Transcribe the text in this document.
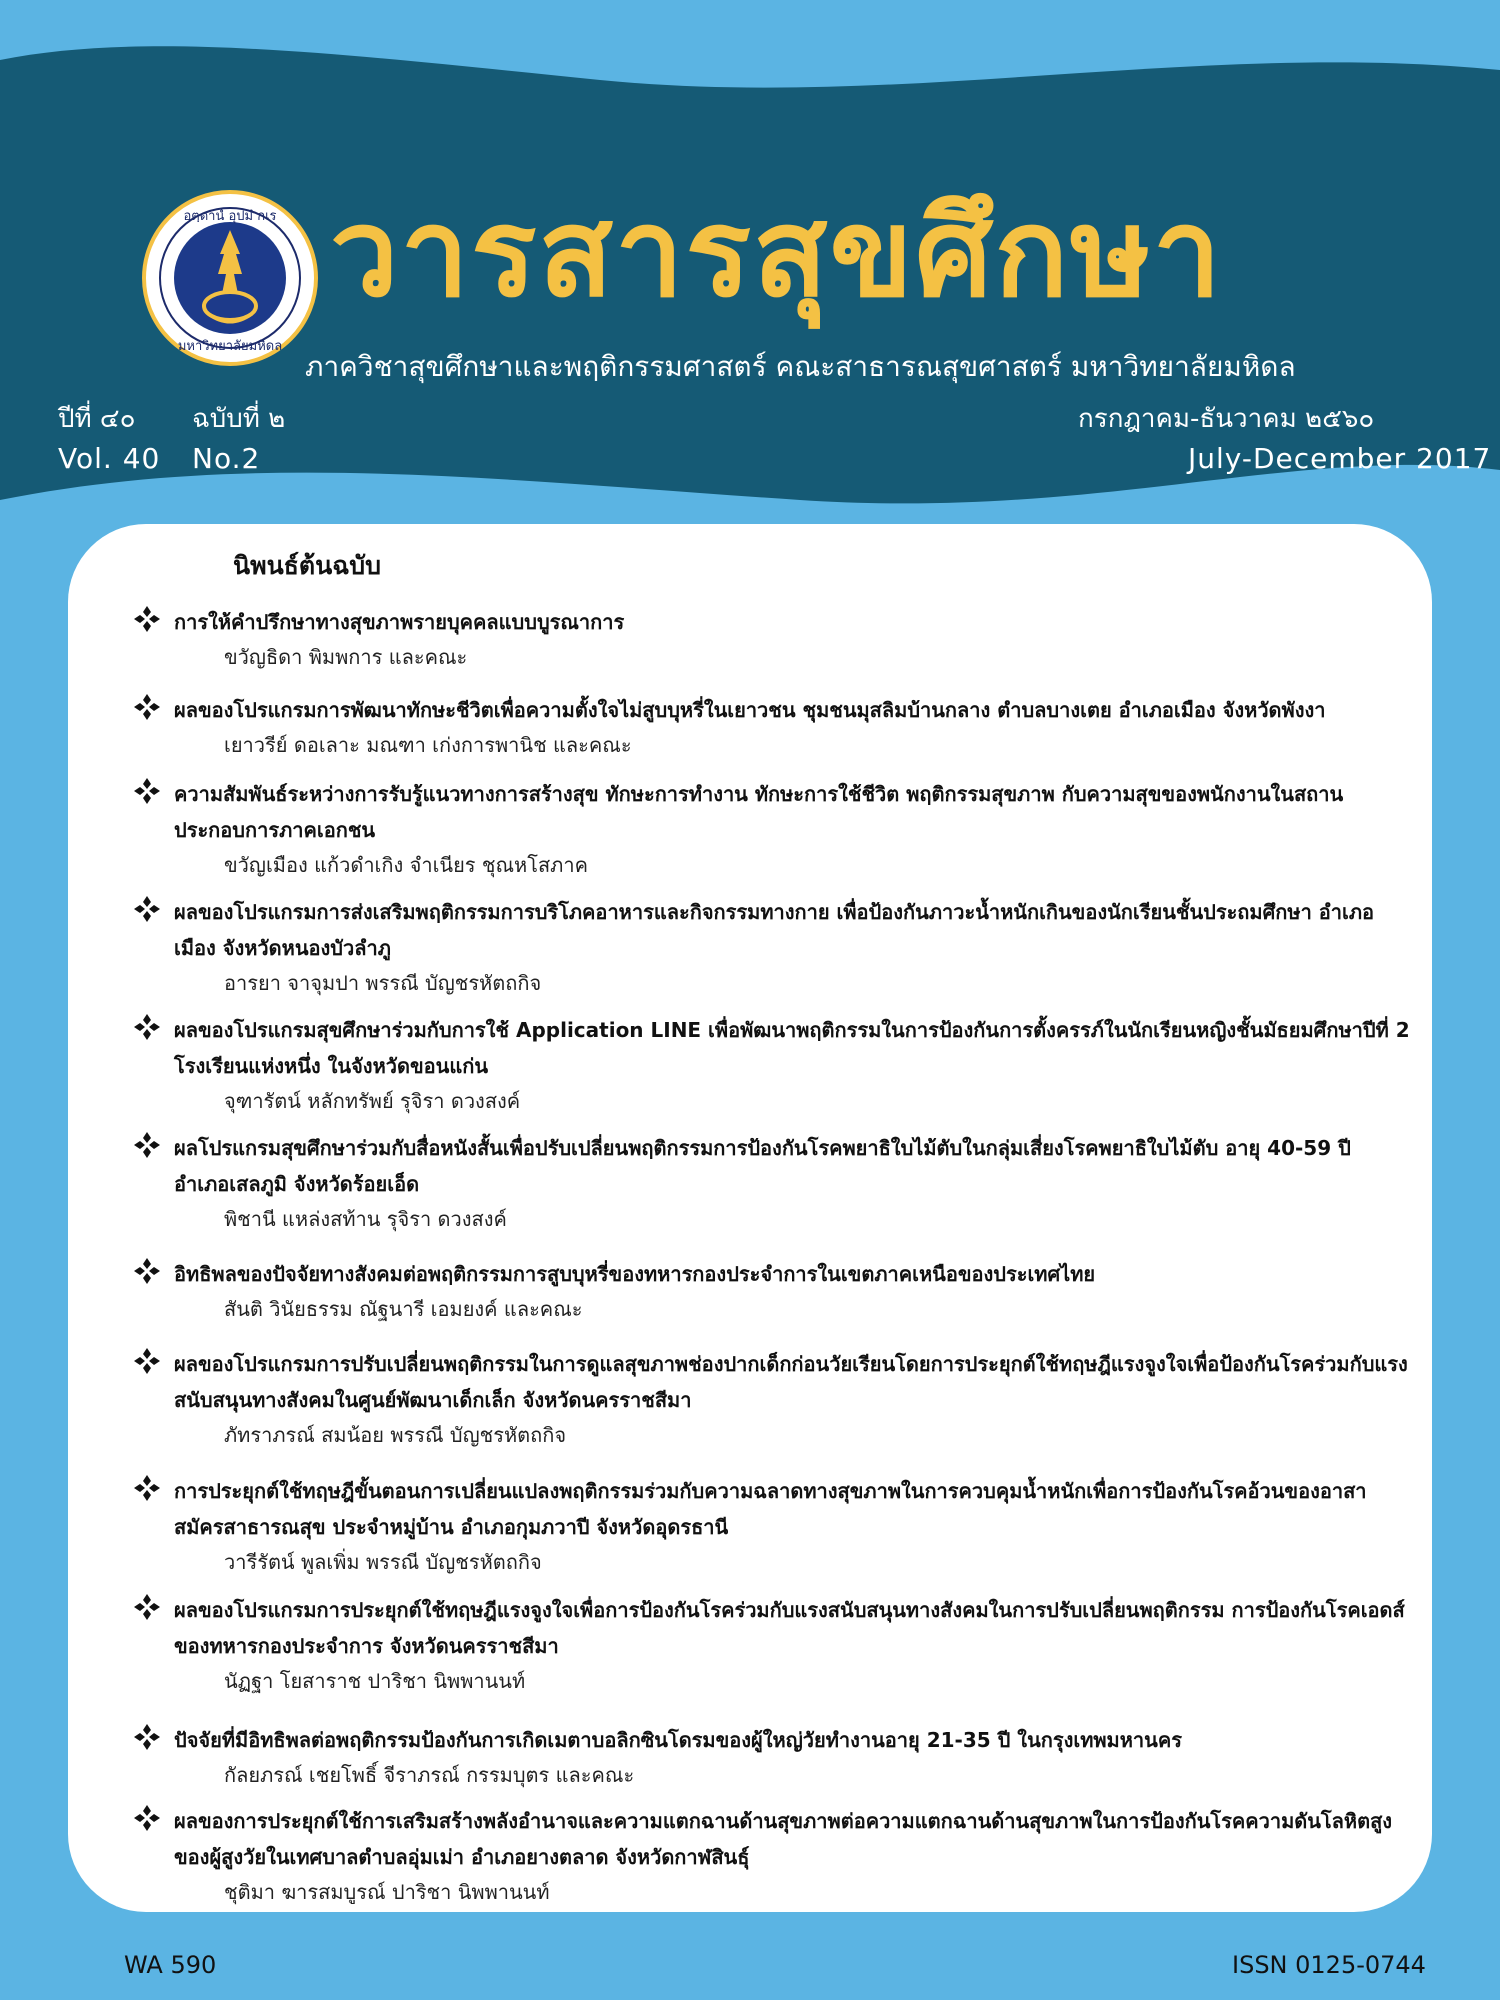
อตฺตานํ อุปมํ กเร
มหาวิทยาลัยมหิดล
วารสารสุขศึกษา
ภาควิชาสุขศึกษาและพฤติกรรมศาสตร์ คณะสาธารณสุขศาสตร์ มหาวิทยาลัยมหิดล
ปีที่ ๔๐ ฉบับที่ ๒	กรกฎาคม-ธันวาคม ๒๕๖๐
Vol. 40 No.2	July-December 2017
นิพนธ์ต้นฉบับ
การให้คำปรึกษาทางสุขภาพรายบุคคลแบบบูรณาการ
ขวัญธิดา พิมพการ และคณะ
ผลของโปรแกรมการพัฒนาทักษะชีวิตเพื่อความตั้งใจไม่สูบบุหรี่ในเยาวชน ชุมชนมุสลิมบ้านกลาง ตำบลบางเตย อำเภอเมือง จังหวัดพังงา
เยาวรีย์ ดอเลาะ มณฑา เก่งการพานิช และคณะ
ความสัมพันธ์ระหว่างการรับรู้แนวทางการสร้างสุข ทักษะการทำงาน ทักษะการใช้ชีวิต พฤติกรรมสุขภาพ กับความสุขของพนักงานในสถานประกอบการภาคเอกชน
ขวัญเมือง แก้วดำเกิง จำเนียร ชุณหโสภาค
ผลของโปรแกรมการส่งเสริมพฤติกรรมการบริโภคอาหารและกิจกรรมทางกาย เพื่อป้องกันภาวะน้ำหนักเกินของนักเรียนชั้นประถมศึกษา อำเภอเมือง จังหวัดหนองบัวลำภู
อารยา จาจุมปา พรรณี บัญชรหัตถกิจ
ผลของโปรแกรมสุขศึกษาร่วมกับการใช้ Application LINE เพื่อพัฒนาพฤติกรรมในการป้องกันการตั้งครรภ์ในนักเรียนหญิงชั้นมัธยมศึกษาปีที่ 2 โรงเรียนแห่งหนึ่ง ในจังหวัดขอนแก่น
จุฑารัตน์ หลักทรัพย์ รุจิรา ดวงสงค์
ผลโปรแกรมสุขศึกษาร่วมกับสื่อหนังสั้นเพื่อปรับเปลี่ยนพฤติกรรมการป้องกันโรคพยาธิใบไม้ตับในกลุ่มเสี่ยงโรคพยาธิใบไม้ตับ อายุ 40-59 ปี อำเภอเสลภูมิ จังหวัดร้อยเอ็ด
พิชานี แหล่งสท้าน รุจิรา ดวงสงค์
อิทธิพลของปัจจัยทางสังคมต่อพฤติกรรมการสูบบุหรี่ของทหารกองประจำการในเขตภาคเหนือของประเทศไทย
สันติ วินัยธรรม ณัฐนารี เอมยงค์ และคณะ
ผลของโปรแกรมการปรับเปลี่ยนพฤติกรรมในการดูแลสุขภาพช่องปากเด็กก่อนวัยเรียนโดยการประยุกต์ใช้ทฤษฎีแรงจูงใจเพื่อป้องกันโรคร่วมกับแรงสนับสนุนทางสังคมในศูนย์พัฒนาเด็กเล็ก จังหวัดนครราชสีมา
ภัทราภรณ์ สมน้อย พรรณี บัญชรหัตถกิจ
การประยุกต์ใช้ทฤษฎีขั้นตอนการเปลี่ยนแปลงพฤติกรรมร่วมกับความฉลาดทางสุขภาพในการควบคุมน้ำหนักเพื่อการป้องกันโรคอ้วนของอาสาสมัครสาธารณสุข ประจำหมู่บ้าน อำเภอกุมภวาปี จังหวัดอุดรธานี
วารีรัตน์ พูลเพิ่ม พรรณี บัญชรหัตถกิจ
ผลของโปรแกรมการประยุกต์ใช้ทฤษฎีแรงจูงใจเพื่อการป้องกันโรคร่วมกับแรงสนับสนุนทางสังคมในการปรับเปลี่ยนพฤติกรรม การป้องกันโรคเอดส์ของทหารกองประจำการ จังหวัดนครราชสีมา
นัฏฐา โยสาราช ปาริชา นิพพานนท์
ปัจจัยที่มีอิทธิพลต่อพฤติกรรมป้องกันการเกิดเมตาบอลิกซินโดรมของผู้ใหญ่วัยทำงานอายุ 21-35 ปี ในกรุงเทพมหานคร
กัลยภรณ์ เชยโพธิ์ จีราภรณ์ กรรมบุตร และคณะ
ผลของการประยุกต์ใช้การเสริมสร้างพลังอำนาจและความแตกฉานด้านสุขภาพต่อความแตกฉานด้านสุขภาพในการป้องกันโรคความดันโลหิตสูงของผู้สูงวัยในเทศบาลตำบลอุ่มเม่า อำเภอยางตลาด จังหวัดกาฬสินธุ์
ชุติมา ฆารสมบูรณ์ ปาริชา นิพพานนท์
WA 590	ISSN 0125-0744
